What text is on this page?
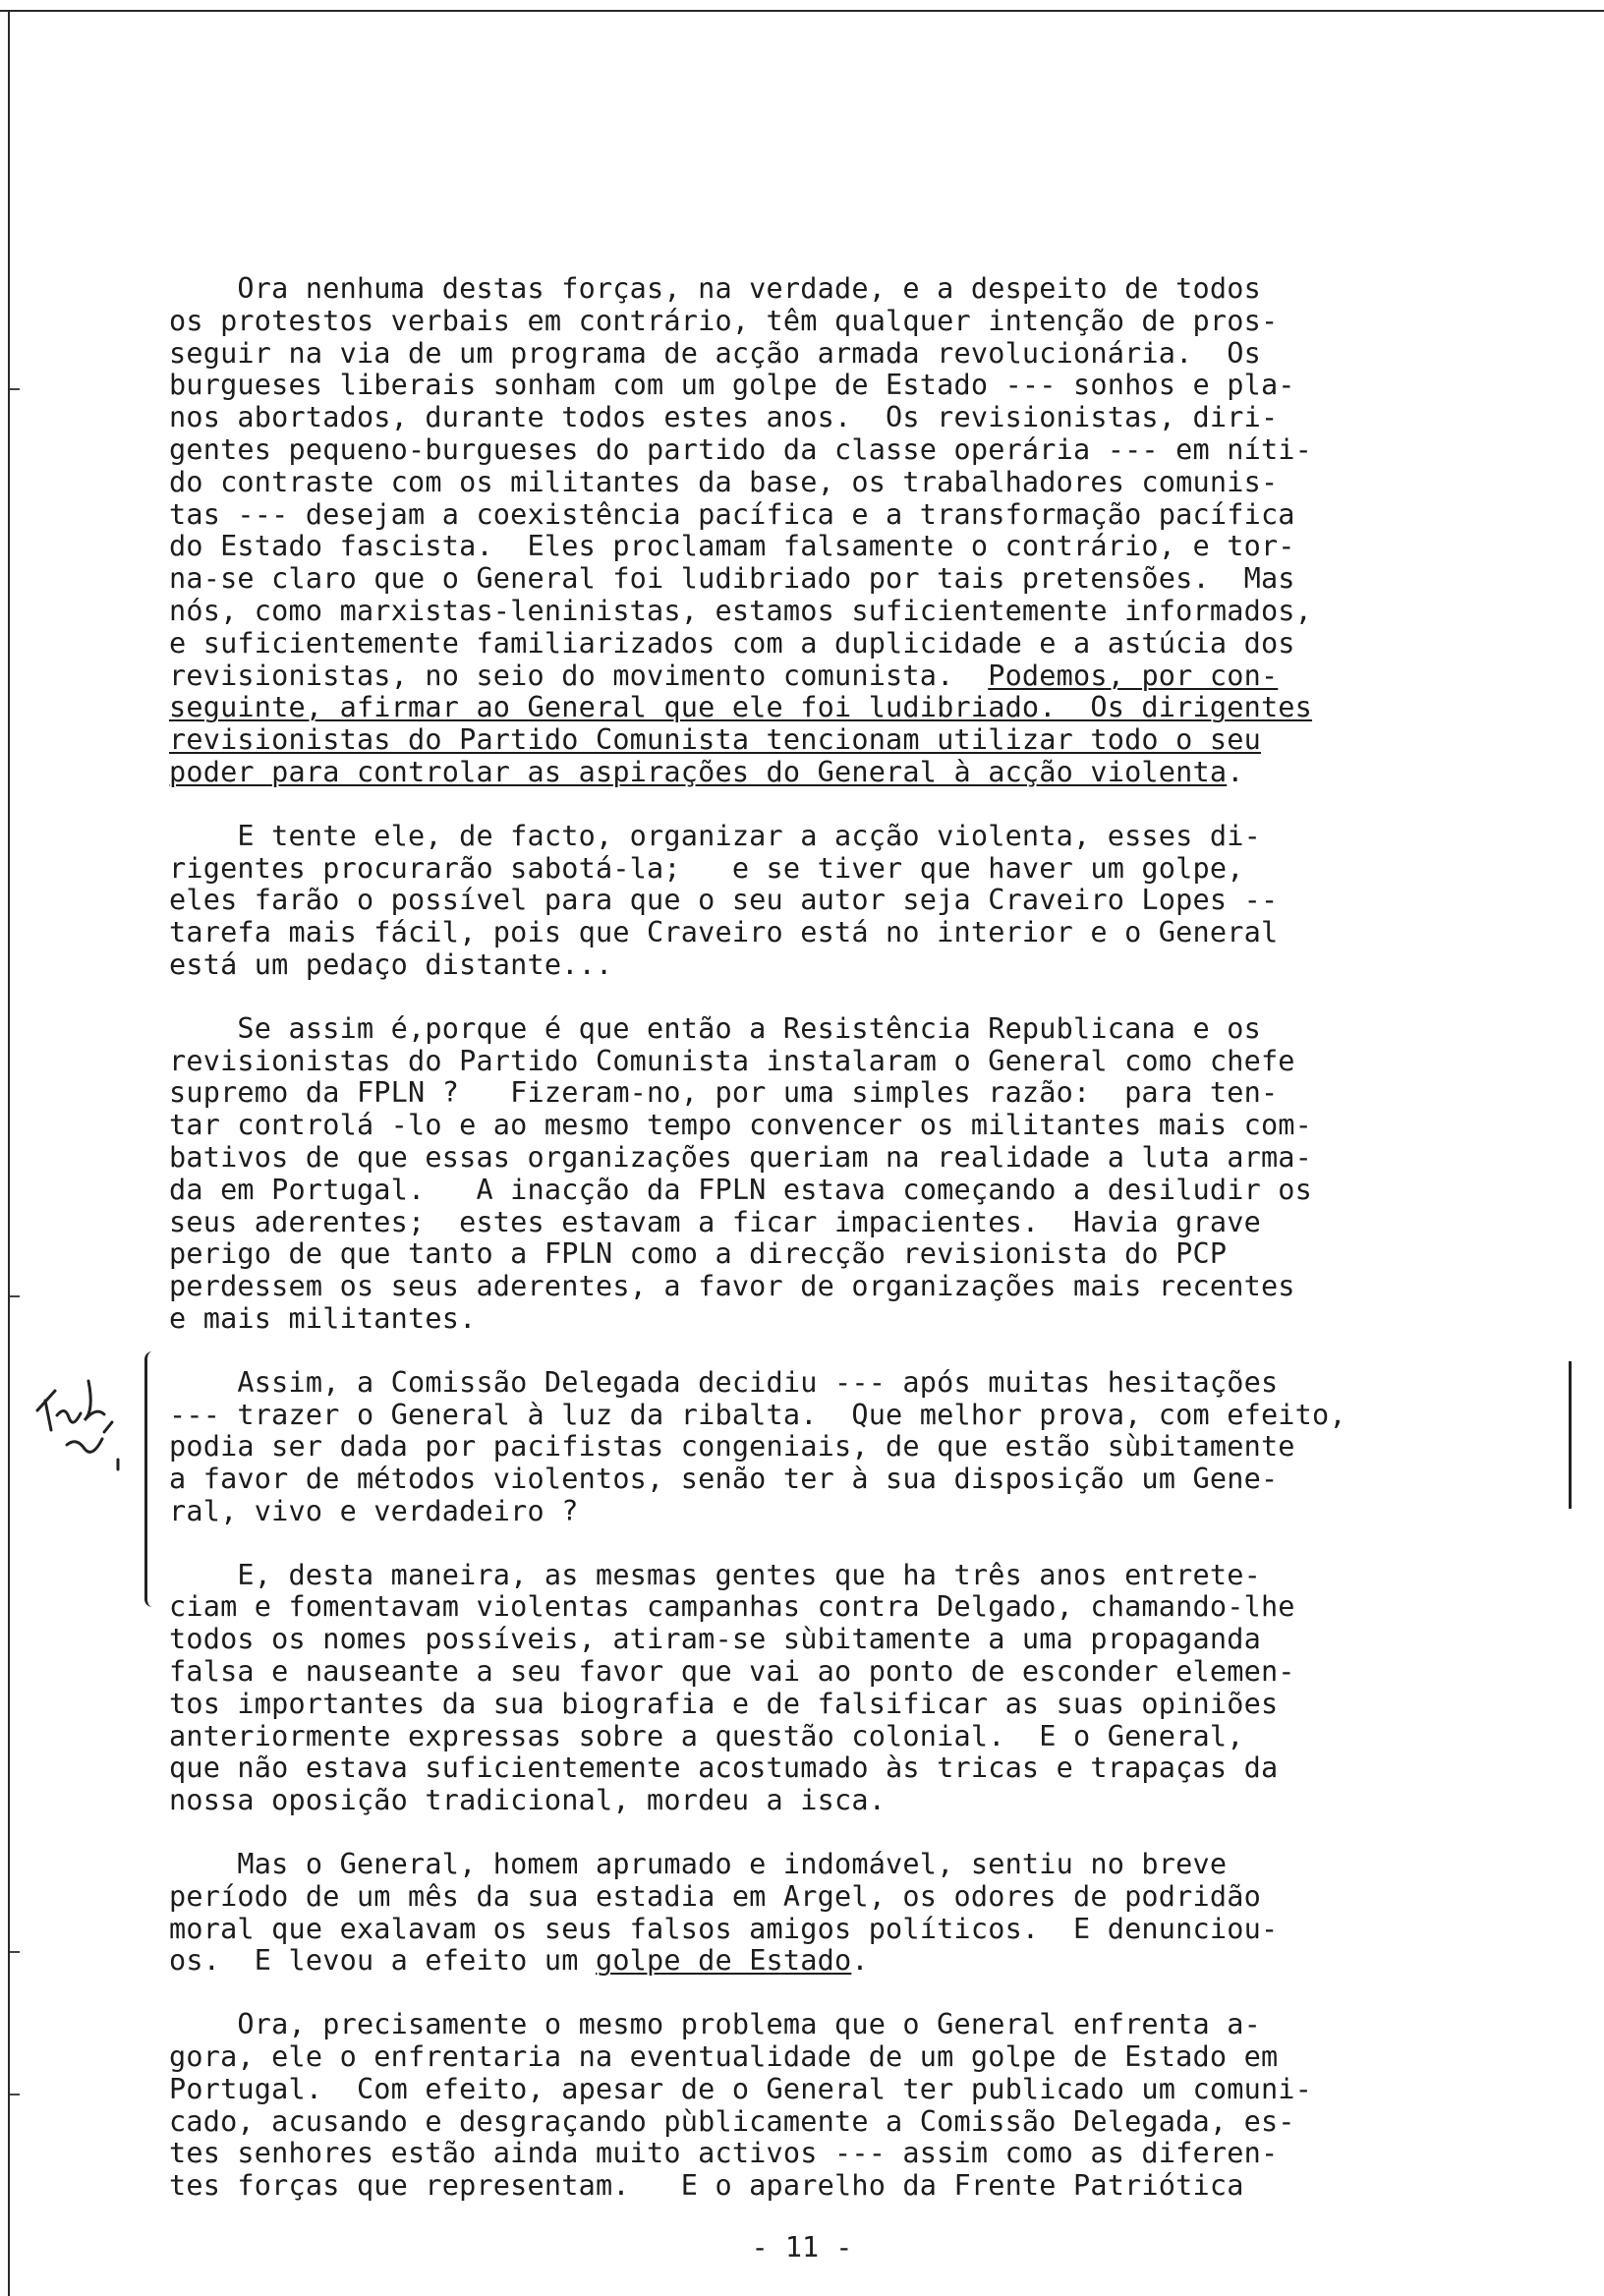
Ora nenhuma destas forças, na verdade, e a despeito de todos
os protestos verbais em contrário, têm qualquer intenção de pros-
seguir na via de um programa de acção armada revolucionária.  Os
burgueses liberais sonham com um golpe de Estado --- sonhos e pla-
nos abortados, durante todos estes anos.  Os revisionistas, diri-
gentes pequeno-burgueses do partido da classe operária --- em níti-
do contraste com os militantes da base, os trabalhadores comunis-
tas --- desejam a coexistência pacífica e a transformação pacífica
do Estado fascista.  Eles proclamam falsamente o contrário, e tor-
na-se claro que o General foi ludibriado por tais pretensões.  Mas
nós, como marxistas-leninistas, estamos suficientemente informados,
e suficientemente familiarizados com a duplicidade e a astúcia dos
revisionistas, no seio do movimento comunista.  Podemos, por con-
seguinte, afirmar ao General que ele foi ludibriado.  Os dirigentes
revisionistas do Partido Comunista tencionam utilizar todo o seu
poder para controlar as aspirações do General à acção violenta.
E tente ele, de facto, organizar a acção violenta, esses di-
rigentes procurarão sabotá-la;   e se tiver que haver um golpe,
eles farão o possível para que o seu autor seja Craveiro Lopes --
tarefa mais fácil, pois que Craveiro está no interior e o General
está um pedaço distante...
Se assim é,porque é que então a Resistência Republicana e os
revisionistas do Partido Comunista instalaram o General como chefe
supremo da FPLN ?   Fizeram-no, por uma simples razão:  para ten-
tar controlá -lo e ao mesmo tempo convencer os militantes mais com-
bativos de que essas organizações queriam na realidade a luta arma-
da em Portugal.   A inacção da FPLN estava começando a desiludir os
seus aderentes;  estes estavam a ficar impacientes.  Havia grave
perigo de que tanto a FPLN como a direcção revisionista do PCP
perdessem os seus aderentes, a favor de organizações mais recentes
e mais militantes.
Assim, a Comissão Delegada decidiu --- após muitas hesitações
--- trazer o General à luz da ribalta.  Que melhor prova, com efeito,
podia ser dada por pacifistas congeniais, de que estão sùbitamente
a favor de métodos violentos, senão ter à sua disposição um Gene-
ral, vivo e verdadeiro ?
E, desta maneira, as mesmas gentes que ha três anos entrete-
ciam e fomentavam violentas campanhas contra Delgado, chamando-lhe
todos os nomes possíveis, atiram-se sùbitamente a uma propaganda
falsa e nauseante a seu favor que vai ao ponto de esconder elemen-
tos importantes da sua biografia e de falsificar as suas opiniões
anteriormente expressas sobre a questão colonial.  E o General,
que não estava suficientemente acostumado às tricas e trapaças da
nossa oposição tradicional, mordeu a isca.
Mas o General, homem aprumado e indomável, sentiu no breve
período de um mês da sua estadia em Argel, os odores de podridão
moral que exalavam os seus falsos amigos políticos.  E denunciou-
os.  E levou a efeito um golpe de Estado.
Ora, precisamente o mesmo problema que o General enfrenta a-
gora, ele o enfrentaria na eventualidade de um golpe de Estado em
Portugal.  Com efeito, apesar de o General ter publicado um comuni-
cado, acusando e desgraçando pùblicamente a Comissão Delegada, es-
tes senhores estão ainda muito activos --- assim como as diferen-
tes forças que representam.   E o aparelho da Frente Patriótica
- 11 -
